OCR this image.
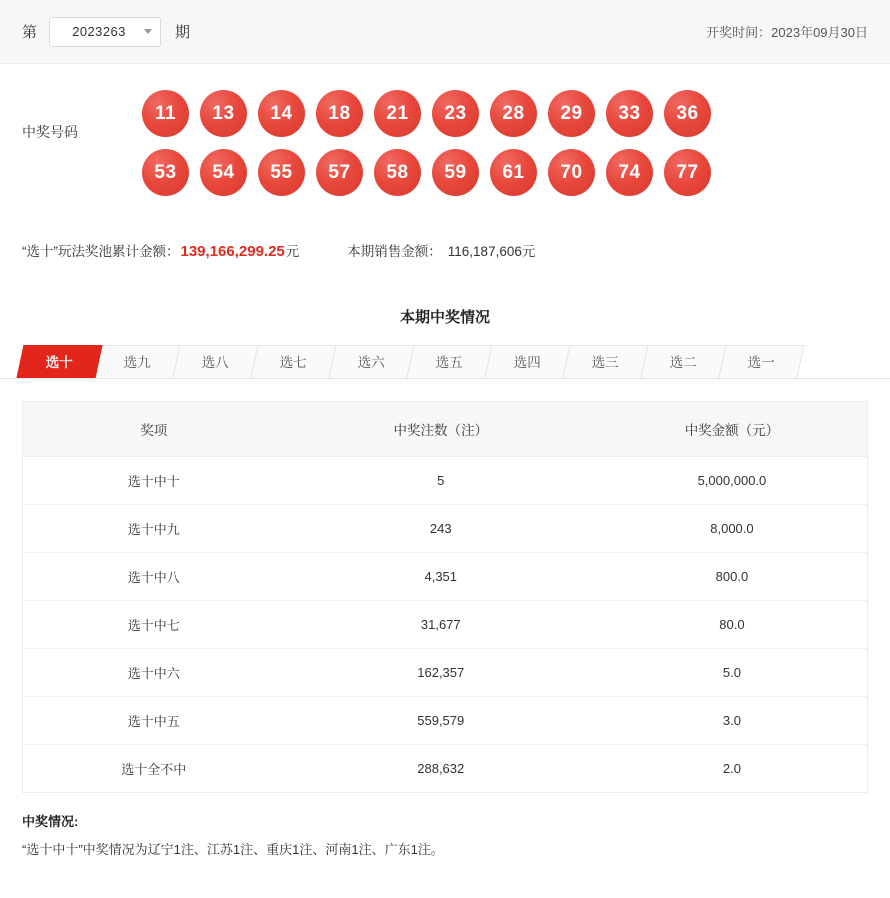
第	2023263	期	开奖时间：2023年09月30日
中奖号码
11	13	14	18	21	23	28	29	33	36
53	54	55	57	58	59	61	70	74	77
“选十”玩法奖池累计金额： 139,166,299.25 元	本期销售金额： 116,187,606元
本期中奖情况
选十	选九	选八	选七	选六	选五	选四	选三	选二	选一
奖项	中奖注数（注）	中奖金额（元）
选十中十	5	5,000,000.0
选十中九	243	8,000.0
选十中八	4,351	800.0
选十中七	31,677	80.0
选十中六	162,357	5.0
选十中五	559,579	3.0
选十全不中	288,632	2.0
中奖情况:
“选十中十”中奖情况为辽宁1注、江苏1注、重庆1注、河南1注、广东1注。
